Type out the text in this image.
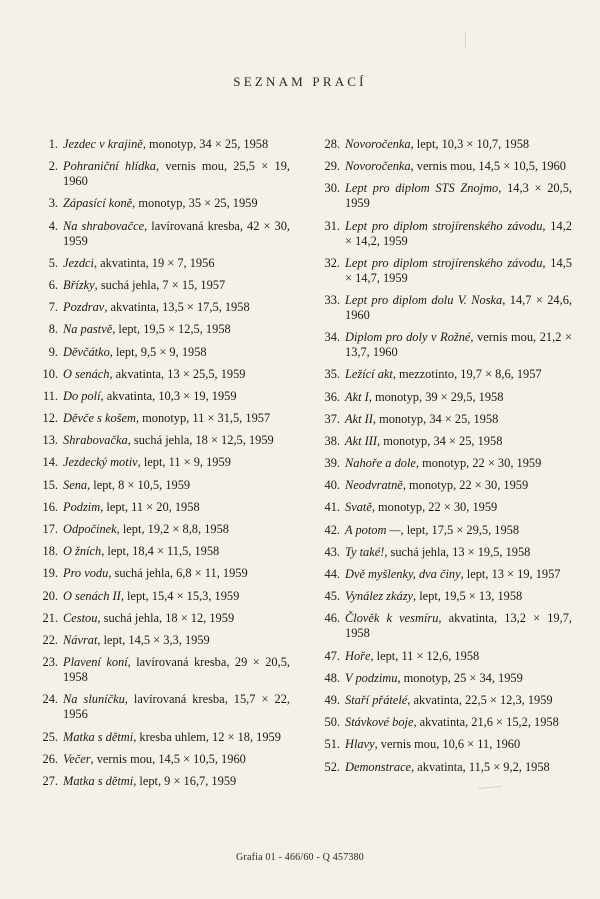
SEZNAM PRACÍ
1. Jezdec v krajině, monotyp, 34 × 25, 1958
2. Pohraniční hlídka, vernis mou, 25,5 × 19, 1960
3. Zápasící koně, monotyp, 35 × 25, 1959
4. Na shrabovačce, lavírovaná kresba, 42 × 30, 1959
5. Jezdci, akvatinta, 19 × 7, 1956
6. Břízky, suchá jehla, 7 × 15, 1957
7. Pozdrav, akvatinta, 13,5 × 17,5, 1958
8. Na pastvě, lept, 19,5 × 12,5, 1958
9. Děvčátko, lept, 9,5 × 9, 1958
10. O senách, akvatinta, 13 × 25,5, 1959
11. Do polí, akvatinta, 10,3 × 19, 1959
12. Děvče s košem, monotyp, 11 × 31,5, 1957
13. Shrabovačka, suchá jehla, 18 × 12,5, 1959
14. Jezdecký motiv, lept, 11 × 9, 1959
15. Sena, lept, 8 × 10,5, 1959
16. Podzim, lept, 11 × 20, 1958
17. Odpočinek, lept, 19,2 × 8,8, 1958
18. O žních, lept, 18,4 × 11,5, 1958
19. Pro vodu, suchá jehla, 6,8 × 11, 1959
20. O senách II, lept, 15,4 × 15,3, 1959
21. Cestou, suchá jehla, 18 × 12, 1959
22. Návrat, lept, 14,5 × 3,3, 1959
23. Plavení koní, lavírovaná kresba, 29 × 20,5, 1958
24. Na sluníčku, lavírovaná kresba, 15,7 × 22, 1956
25. Matka s dětmi, kresba uhlem, 12 × 18, 1959
26. Večer, vernis mou, 14,5 × 10,5, 1960
27. Matka s dětmi, lept, 9 × 16,7, 1959
28. Novoročenka, lept, 10,3 × 10,7, 1958
29. Novoročenka, vernis mou, 14,5 × 10,5, 1960
30. Lept pro diplom STS Znojmo, 14,3 × 20,5, 1959
31. Lept pro diplom strojírenského závodu, 14,2 × 14,2, 1959
32. Lept pro diplom strojírenského závodu, 14,5 × 14,7, 1959
33. Lept pro diplom dolu V. Noska, 14,7 × 24,6, 1960
34. Diplom pro doly v Rožné, vernis mou, 21,2 × 13,7, 1960
35. Ležící akt, mezzotinto, 19,7 × 8,6, 1957
36. Akt I, monotyp, 39 × 29,5, 1958
37. Akt II, monotyp, 34 × 25, 1958
38. Akt III, monotyp, 34 × 25, 1958
39. Nahoře a dole, monotyp, 22 × 30, 1959
40. Neodvratně, monotyp, 22 × 30, 1959
41. Svatě, monotyp, 22 × 30, 1959
42. A potom —, lept, 17,5 × 29,5, 1958
43. Ty také!, suchá jehla, 13 × 19,5, 1958
44. Dvě myšlenky, dva činy, lept, 13 × 19, 1957
45. Vynález zkázy, lept, 19,5 × 13, 1958
46. Člověk k vesmíru, akvatinta, 13,2 × 19,7, 1958
47. Hoře, lept, 11 × 12,6, 1958
48. V podzimu, monotyp, 25 × 34, 1959
49. Staří přátelé, akvatinta, 22,5 × 12,3, 1959
50. Stávkové boje, akvatinta, 21,6 × 15,2, 1958
51. Hlavy, vernis mou, 10,6 × 11, 1960
52. Demonstrace, akvatinta, 11,5 × 9,2, 1958
Grafia 01 - 466/60 - Q 457380
